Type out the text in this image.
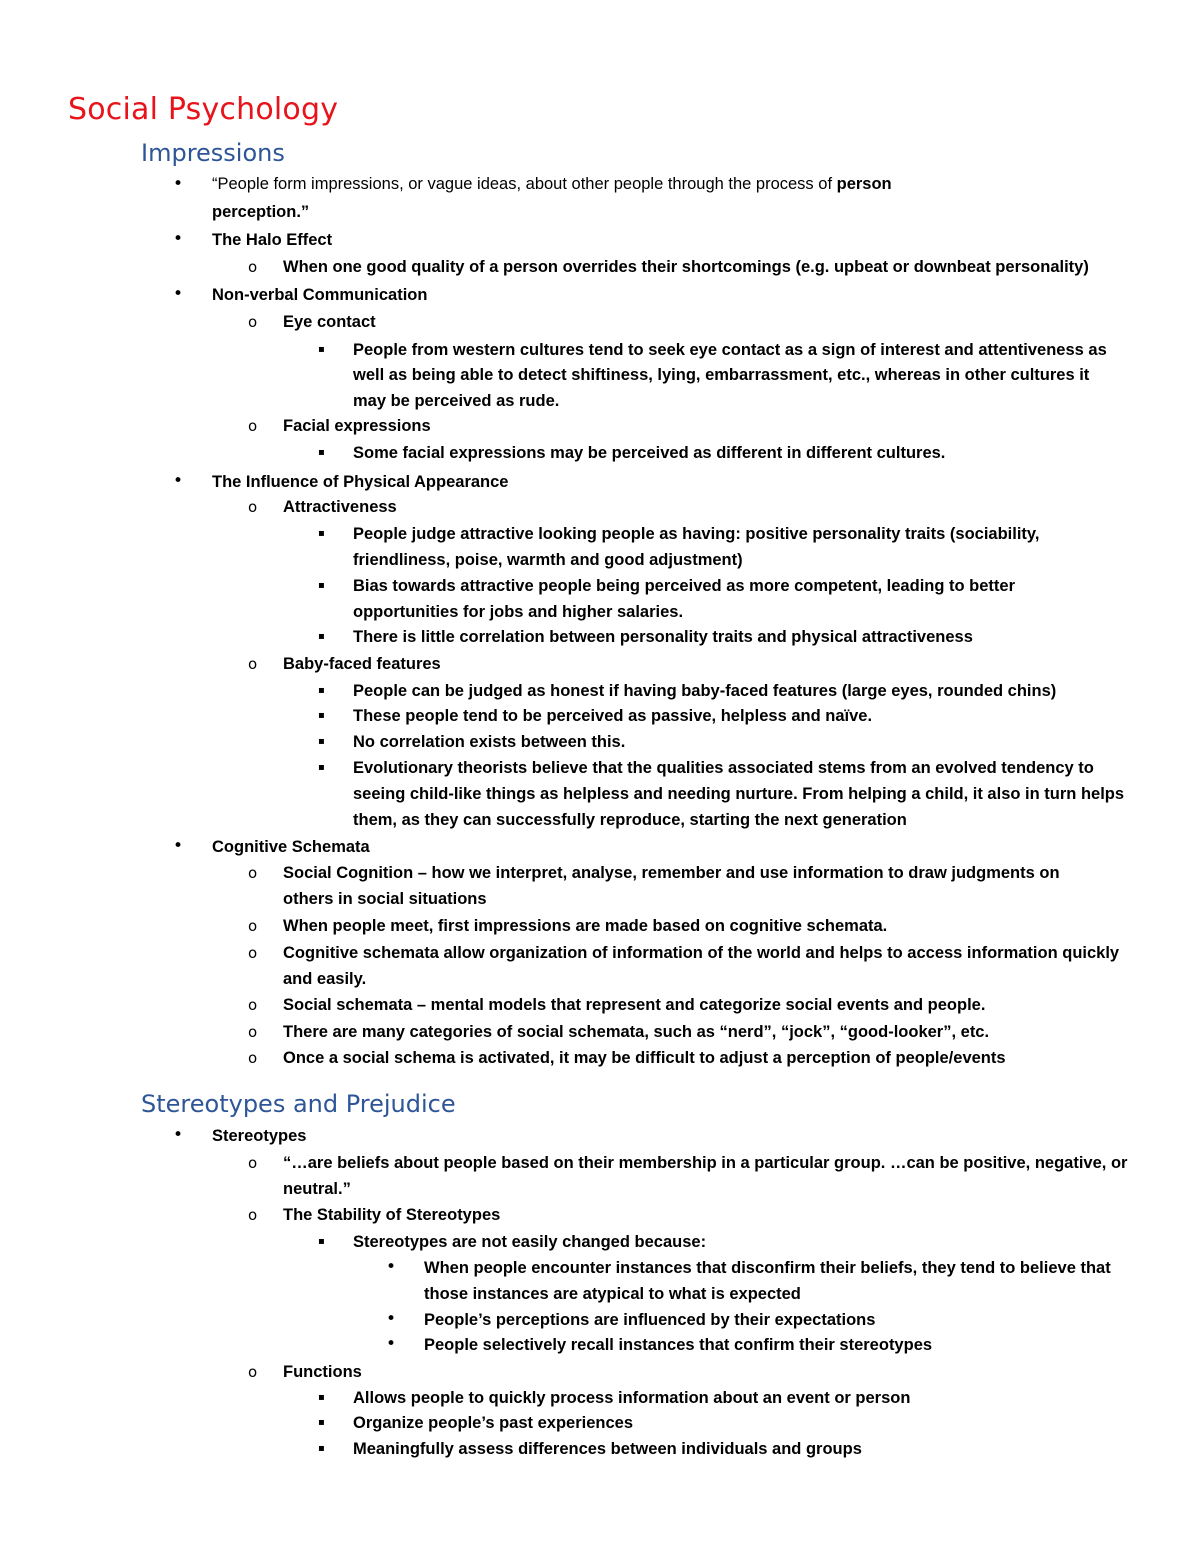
Social Psychology
Impressions
• “People form impressions, or vague ideas, about other people through the process of person
perception.”
• The Halo Effect
o When one good quality of a person overrides their shortcomings (e.g. upbeat or downbeat personality)
• Non-verbal Communication
o Eye contact
▪ People from western cultures tend to seek eye contact as a sign of interest and attentiveness as
well as being able to detect shiftiness, lying, embarrassment, etc., whereas in other cultures it
may be perceived as rude.
o Facial expressions
▪ Some facial expressions may be perceived as different in different cultures.
• The Influence of Physical Appearance
o Attractiveness
▪ People judge attractive looking people as having: positive personality traits (sociability,
friendliness, poise, warmth and good adjustment)
▪ Bias towards attractive people being perceived as more competent, leading to better
opportunities for jobs and higher salaries.
▪ There is little correlation between personality traits and physical attractiveness
o Baby-faced features
▪ People can be judged as honest if having baby-faced features (large eyes, rounded chins)
▪ These people tend to be perceived as passive, helpless and naïve.
▪ No correlation exists between this.
▪ Evolutionary theorists believe that the qualities associated stems from an evolved tendency to
seeing child-like things as helpless and needing nurture. From helping a child, it also in turn helps
them, as they can successfully reproduce, starting the next generation
• Cognitive Schemata
o Social Cognition – how we interpret, analyse, remember and use information to draw judgments on
others in social situations
o When people meet, first impressions are made based on cognitive schemata.
o Cognitive schemata allow organization of information of the world and helps to access information quickly
and easily.
o Social schemata – mental models that represent and categorize social events and people.
o There are many categories of social schemata, such as “nerd”, “jock”, “good-looker”, etc.
o Once a social schema is activated, it may be difficult to adjust a perception of people/events
Stereotypes and Prejudice
• Stereotypes
o “…are beliefs about people based on their membership in a particular group. …can be positive, negative, or
neutral.”
o The Stability of Stereotypes
▪ Stereotypes are not easily changed because:
• When people encounter instances that disconfirm their beliefs, they tend to believe that
those instances are atypical to what is expected
• People’s perceptions are influenced by their expectations
• People selectively recall instances that confirm their stereotypes
o Functions
▪ Allows people to quickly process information about an event or person
▪ Organize people’s past experiences
▪ Meaningfully assess differences between individuals and groups
